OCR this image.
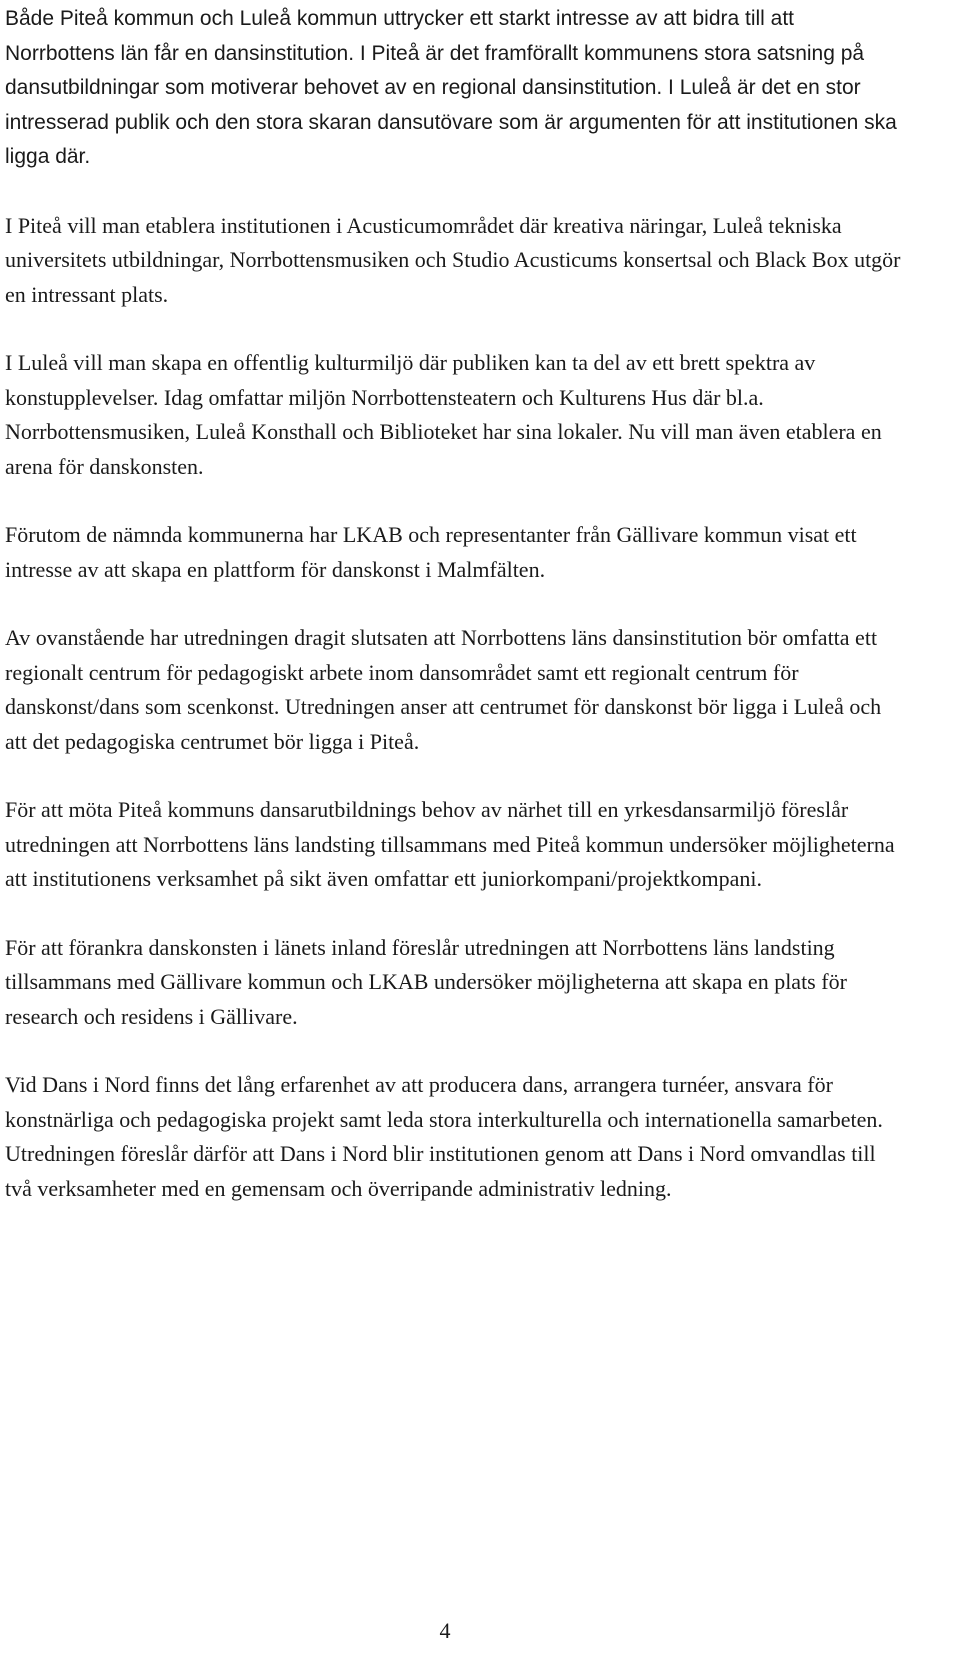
Både Piteå kommun och Luleå kommun uttrycker ett starkt intresse av att bidra till att Norrbottens län får en dansinstitution. I Piteå är det framförallt kommunens stora satsning på dansutbildningar som motiverar behovet av en regional dansinstitution. I Luleå är det en stor intresserad publik och den stora skaran dansutövare som är argumenten för att institutionen ska ligga där.

I Piteå vill man etablera institutionen i Acusticumområdet där kreativa näringar, Luleå tekniska universitets utbildningar, Norrbottensmusiken och Studio Acusticums konsertsal och Black Box utgör en intressant plats.

I Luleå vill man skapa en offentlig kulturmiljö där publiken kan ta del av ett brett spektra av konstupplevelser. Idag omfattar miljön Norrbottensteatern och Kulturens Hus där bl.a. Norrbottensmusiken, Luleå Konsthall och Biblioteket har sina lokaler. Nu vill man även etablera en arena för danskonsten.

Förutom de nämnda kommunerna har LKAB och representanter från Gällivare kommun visat ett intresse av att skapa en plattform för danskonst i Malmfälten.

Av ovanstående har utredningen dragit slutsaten att Norrbottens läns dansinstitution bör omfatta ett regionalt centrum för pedagogiskt arbete inom dansområdet samt ett regionalt centrum för danskonst/dans som scenkonst. Utredningen anser att centrumet för danskonst bör ligga i Luleå och att det pedagogiska centrumet bör ligga i Piteå.

För att möta Piteå kommuns dansarutbildnings behov av närhet till en yrkesdansarmiljö föreslår utredningen att Norrbottens läns landsting tillsammans med Piteå kommun undersöker möjligheterna att institutionens verksamhet på sikt även omfattar ett juniorkompani/projektkompani.

För att förankra danskonsten i länets inland föreslår utredningen att Norrbottens läns landsting tillsammans med Gällivare kommun och LKAB undersöker möjligheterna att skapa en plats för research och residens i Gällivare.

Vid Dans i Nord finns det lång erfarenhet av att producera dans, arrangera turnéer, ansvara för konstnärliga och pedagogiska projekt samt leda stora interkulturella och internationella samarbeten. Utredningen föreslår därför att Dans i Nord blir institutionen genom att Dans i Nord omvandlas till två verksamheter med en gemensam och överripande administrativ ledning.

4
